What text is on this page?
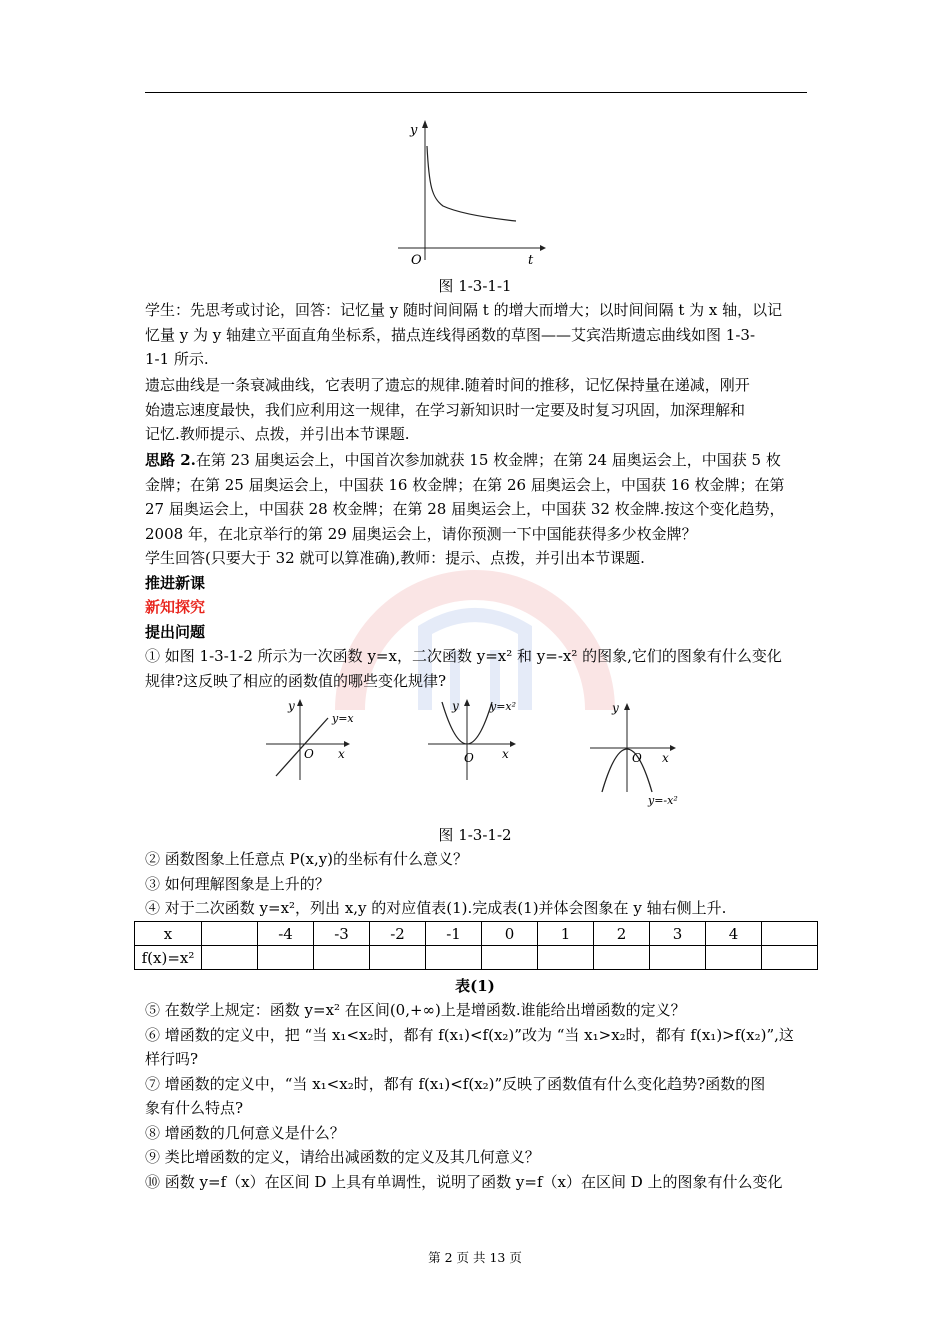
y
t
O
图 1-3-1-1
学生：先思考或讨论，回答：记忆量 y 随时间间隔 t 的增大而增大；以时间间隔 t 为 x 轴，以记
忆量 y 为 y 轴建立平面直角坐标系，描点连线得函数的草图——艾宾浩斯遗忘曲线如图 1-3-
1-1 所示.
遗忘曲线是一条衰减曲线，它表明了遗忘的规律.随着时间的推移，记忆保持量在递减，刚开
始遗忘速度最快，我们应利用这一规律，在学习新知识时一定要及时复习巩固，加深理解和
记忆.教师提示、点拨，并引出本节课题.
思路 2.在第 23 届奥运会上，中国首次参加就获 15 枚金牌；在第 24 届奥运会上，中国获 5 枚
金牌；在第 25 届奥运会上，中国获 16 枚金牌；在第 26 届奥运会上，中国获 16 枚金牌；在第
27 届奥运会上，中国获 28 枚金牌；在第 28 届奥运会上，中国获 32 枚金牌.按这个变化趋势，
2008 年，在北京举行的第 29 届奥运会上，请你预测一下中国能获得多少枚金牌？
学生回答(只要大于 32 就可以算准确),教师：提示、点拨，并引出本节课题.
推进新课
新知探究
提出问题
① 如图 1-3-1-2 所示为一次函数 y=x，二次函数 y=x² 和 y=-x² 的图象,它们的图象有什么变化
规律?这反映了相应的函数值的哪些变化规律?
y=x
y
x
O
y=x²
y
x
O
y=-x²
y
x
O
图 1-3-1-2
② 函数图象上任意点 P(x,y)的坐标有什么意义？
③ 如何理解图象是上升的？
④ 对于二次函数 y=x²，列出 x,y 的对应值表(1).完成表(1)并体会图象在 y 轴右侧上升.
x		-4	-3	-2	-1	0	1	2	3	4	
f(x)=x²											
表(1)
⑤ 在数学上规定：函数 y=x² 在区间(0,+∞)上是增函数.谁能给出增函数的定义？
⑥ 增函数的定义中，把 “当 x₁<x₂时，都有 f(x₁)<f(x₂)”改为 “当 x₁>x₂时，都有 f(x₁)>f(x₂)”,这
样行吗?
⑦ 增函数的定义中，“当 x₁<x₂时，都有 f(x₁)<f(x₂)”反映了函数值有什么变化趋势?函数的图
象有什么特点?
⑧ 增函数的几何意义是什么？
⑨ 类比增函数的定义，请给出减函数的定义及其几何意义？
⑩ 函数 y=f（x）在区间 D 上具有单调性，说明了函数 y=f（x）在区间 D 上的图象有什么变化
第 2 页 共 13 页
